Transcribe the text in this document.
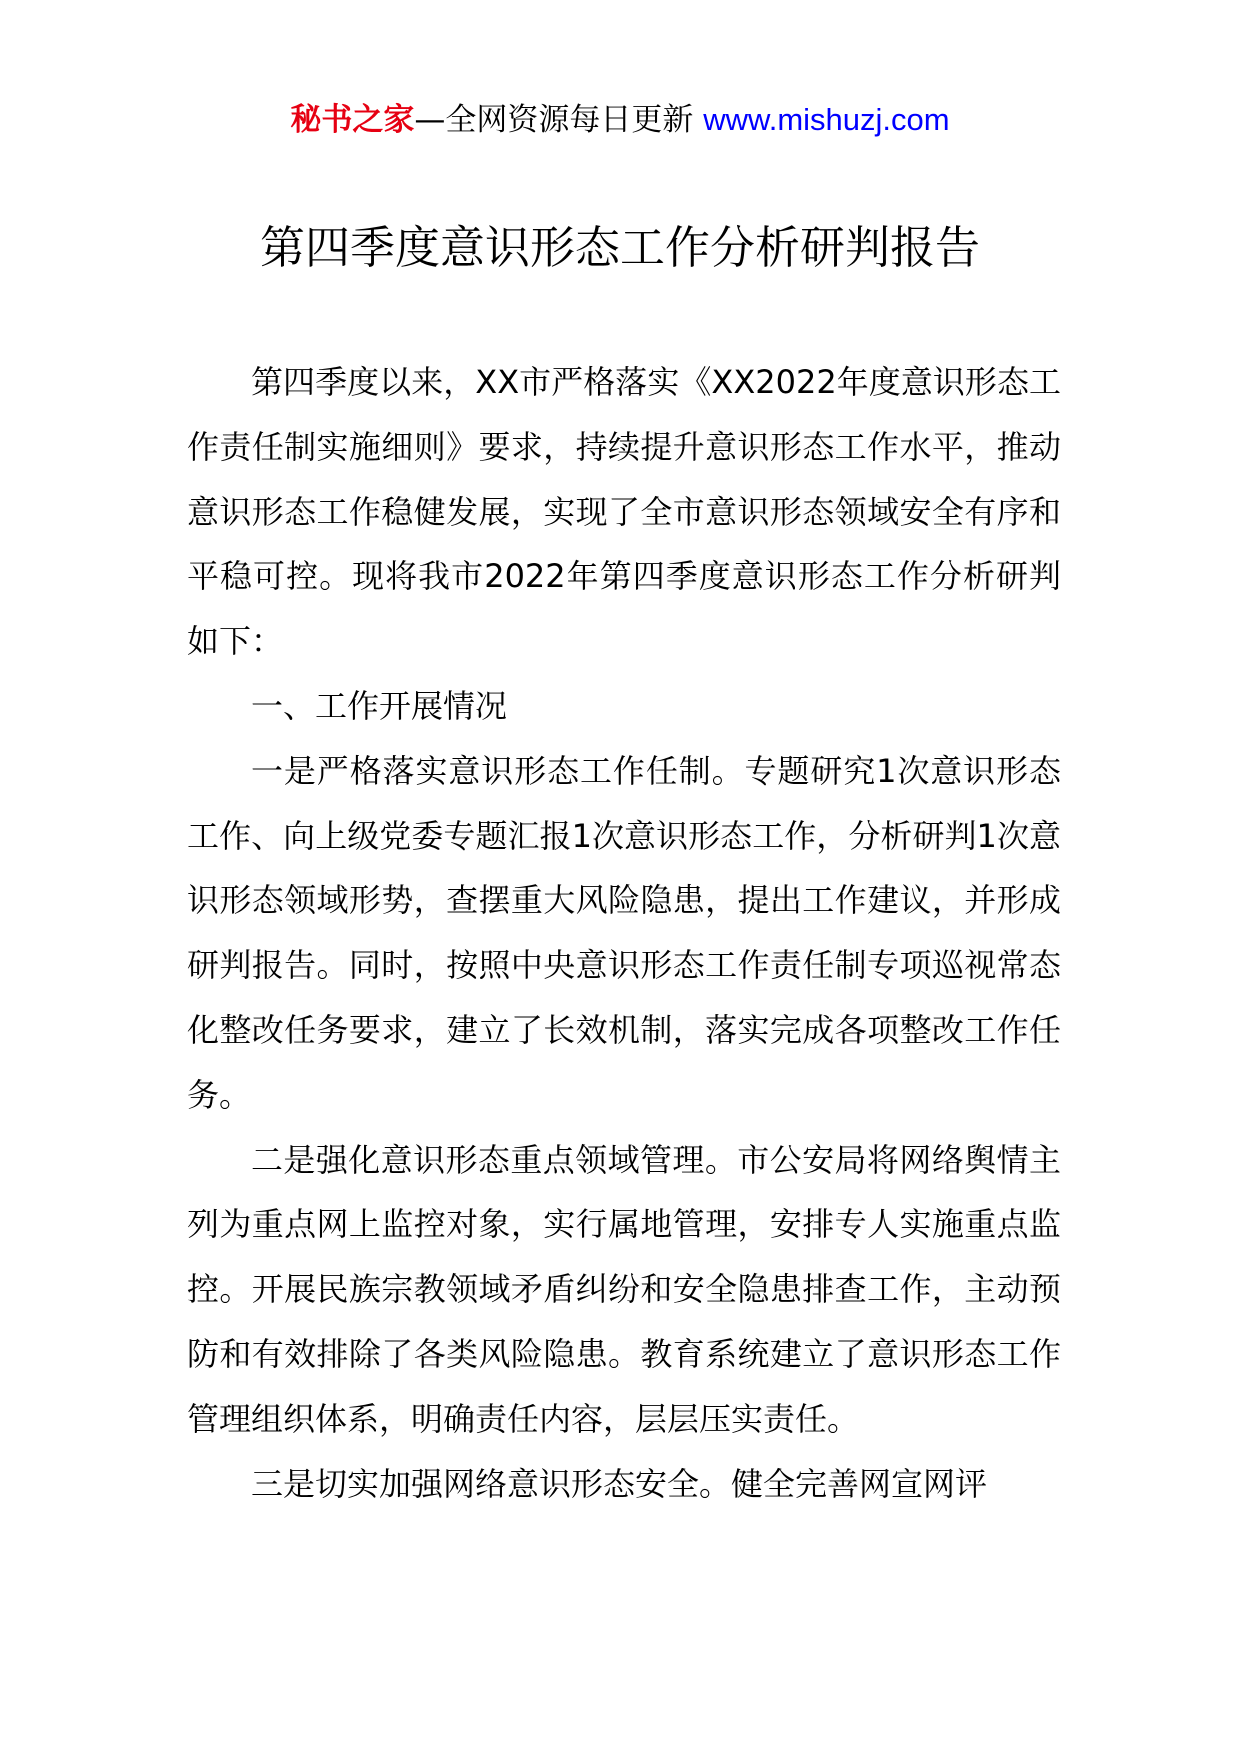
秘书之家—全网资源每日更新 www.mishuzj.com
第四季度意识形态工作分析研判报告

第四季度以来，XX市严格落实《XX2022年度意识形态工作责任制实施细则》要求，持续提升意识形态工作水平，推动意识形态工作稳健发展，实现了全市意识形态领域安全有序和平稳可控。现将我市2022年第四季度意识形态工作分析研判如下：

一、工作开展情况

一是严格落实意识形态工作任制。专题研究1次意识形态工作、向上级党委专题汇报1次意识形态工作，分析研判1次意识形态领域形势，查摆重大风险隐患，提出工作建议，并形成研判报告。同时，按照中央意识形态工作责任制专项巡视常态化整改任务要求，建立了长效机制，落实完成各项整改工作任务。

二是强化意识形态重点领域管理。市公安局将网络舆情主列为重点网上监控对象，实行属地管理，安排专人实施重点监控。开展民族宗教领域矛盾纠纷和安全隐患排查工作，主动预防和有效排除了各类风险隐患。教育系统建立了意识形态工作管理组织体系，明确责任内容，层层压实责任。

三是切实加强网络意识形态安全。健全完善网宣网评
